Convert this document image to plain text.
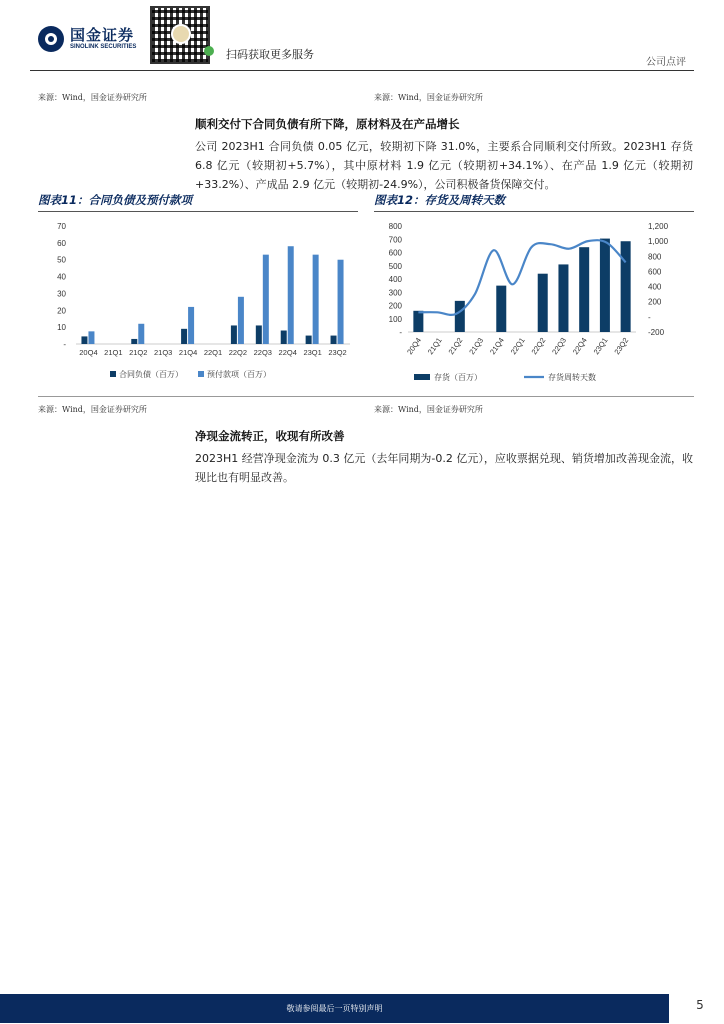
国金证券
SINOLINK SECURITIES
扫码获取更多服务
公司点评
来源：Wind，国金证券研究所	来源：Wind，国金证券研究所
顺利交付下合同负债有所下降，原材料及在产品增长
公司 2023H1 合同负债 0.05 亿元，较期初下降 31.0%，主要系合同顺利交付所致。2023H1 存货 6.8 亿元（较期初+5.7%），其中原材料 1.9 亿元（较期初+34.1%）、在产品 1.9 亿元（较期初+33.2%）、产成品 2.9 亿元（较期初-24.9%），公司积极备货保障交付。
图表11：合同负债及预付款项	图表12：存货及周转天数
70
60
50
40
30
20
10
-
20Q4 21Q1 21Q2 21Q3 21Q4 22Q1 22Q2 22Q3 22Q4 23Q1 23Q2
合同负债（百万）	预付款项（百万）
800
700
600
500
400
300
200
100
-
1,200
1,000
800
600
400
200
-
-200
20Q4 21Q1 21Q2 21Q3 21Q4 22Q1 22Q2 22Q3 22Q4 23Q1 23Q2
存货（百万）	存货周转天数
来源：Wind，国金证券研究所	来源：Wind，国金证券研究所
净现金流转正，收现有所改善
2023H1 经营净现金流为 0.3 亿元（去年同期为-0.2 亿元），应收票据兑现、销货增加改善现金流，收现比也有明显改善。
敬请参阅最后一页特别声明	5
